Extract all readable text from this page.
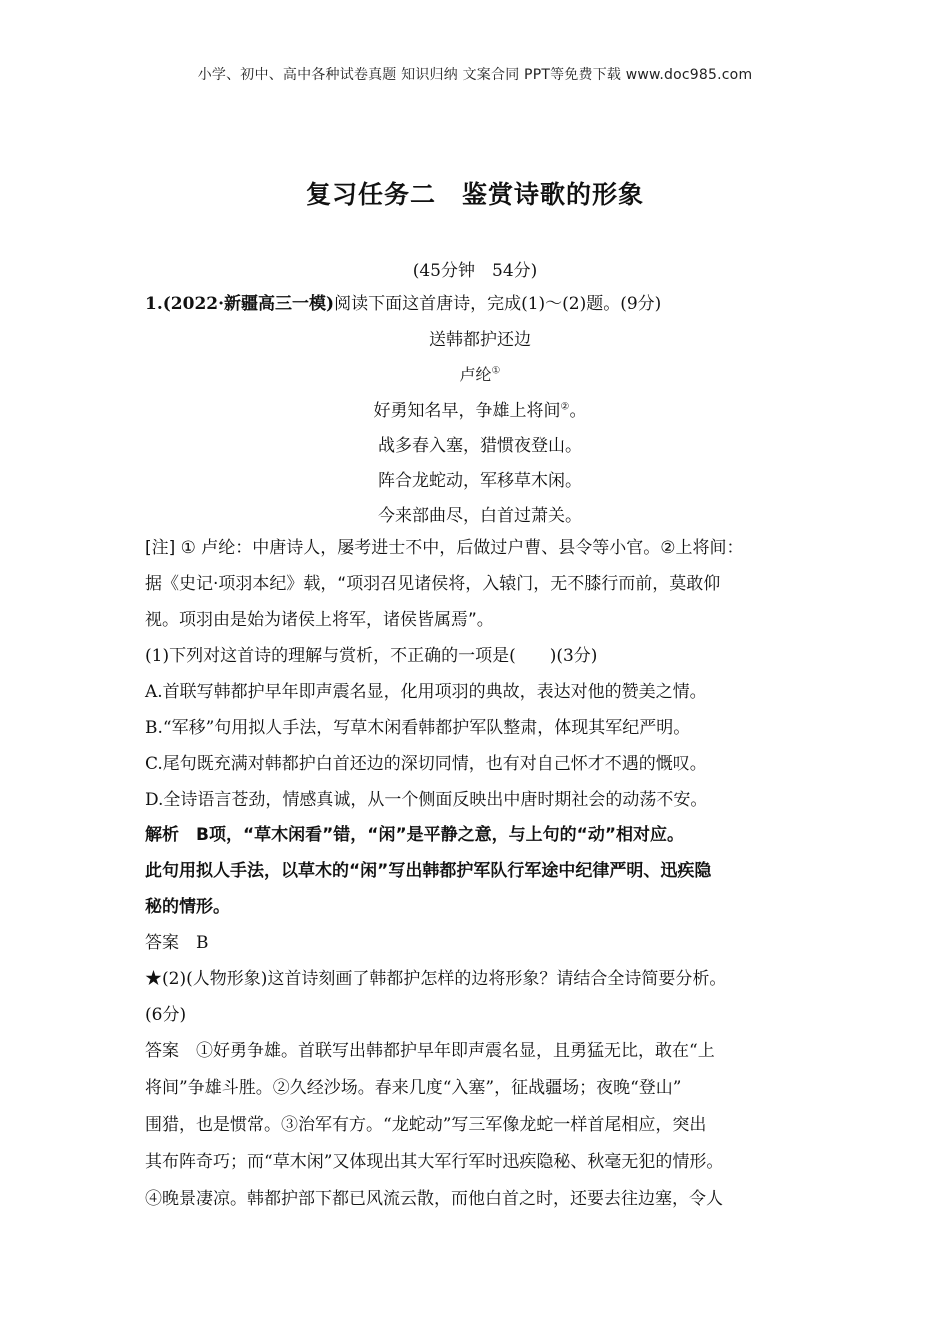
小学、初中、高中各种试卷真题 知识归纳 文案合同 PPT等免费下载 www.doc985.com
复习任务二　鉴赏诗歌的形象
(45分钟　54分)
1.(2022·新疆高三一模)阅读下面这首唐诗，完成(1)～(2)题。(9分)
送韩都护还边
卢纶①
好勇知名早，争雄上将间②。
战多春入塞，猎惯夜登山。
阵合龙蛇动，军移草木闲。
今来部曲尽，白首过萧关。
[注] ① 卢纶：中唐诗人，屡考进士不中，后做过户曹、县令等小官。②上将间：
据《史记·项羽本纪》载，“项羽召见诸侯将，入辕门，无不膝行而前，莫敢仰
视。项羽由是始为诸侯上将军，诸侯皆属焉”。
(1)下列对这首诗的理解与赏析，不正确的一项是(　　)(3分)
A.首联写韩都护早年即声震名显，化用项羽的典故，表达对他的赞美之情。
B.“军移”句用拟人手法，写草木闲看韩都护军队整肃，体现其军纪严明。
C.尾句既充满对韩都护白首还边的深切同情，也有对自己怀才不遇的慨叹。
D.全诗语言苍劲，情感真诚，从一个侧面反映出中唐时期社会的动荡不安。
解析　B项，“草木闲看”错，“闲”是平静之意，与上句的“动”相对应。
此句用拟人手法，以草木的“闲”写出韩都护军队行军途中纪律严明、迅疾隐
秘的情形。
答案　B
★(2)(人物形象)这首诗刻画了韩都护怎样的边将形象？请结合全诗简要分析。
(6分)
答案　①好勇争雄。首联写出韩都护早年即声震名显，且勇猛无比，敢在“上
将间”争雄斗胜。②久经沙场。春来几度“入塞”，征战疆场；夜晚“登山”
围猎，也是惯常。③治军有方。“龙蛇动”写三军像龙蛇一样首尾相应，突出
其布阵奇巧；而“草木闲”又体现出其大军行军时迅疾隐秘、秋毫无犯的情形。
④晚景凄凉。韩都护部下都已风流云散，而他白首之时，还要去往边塞，令人
